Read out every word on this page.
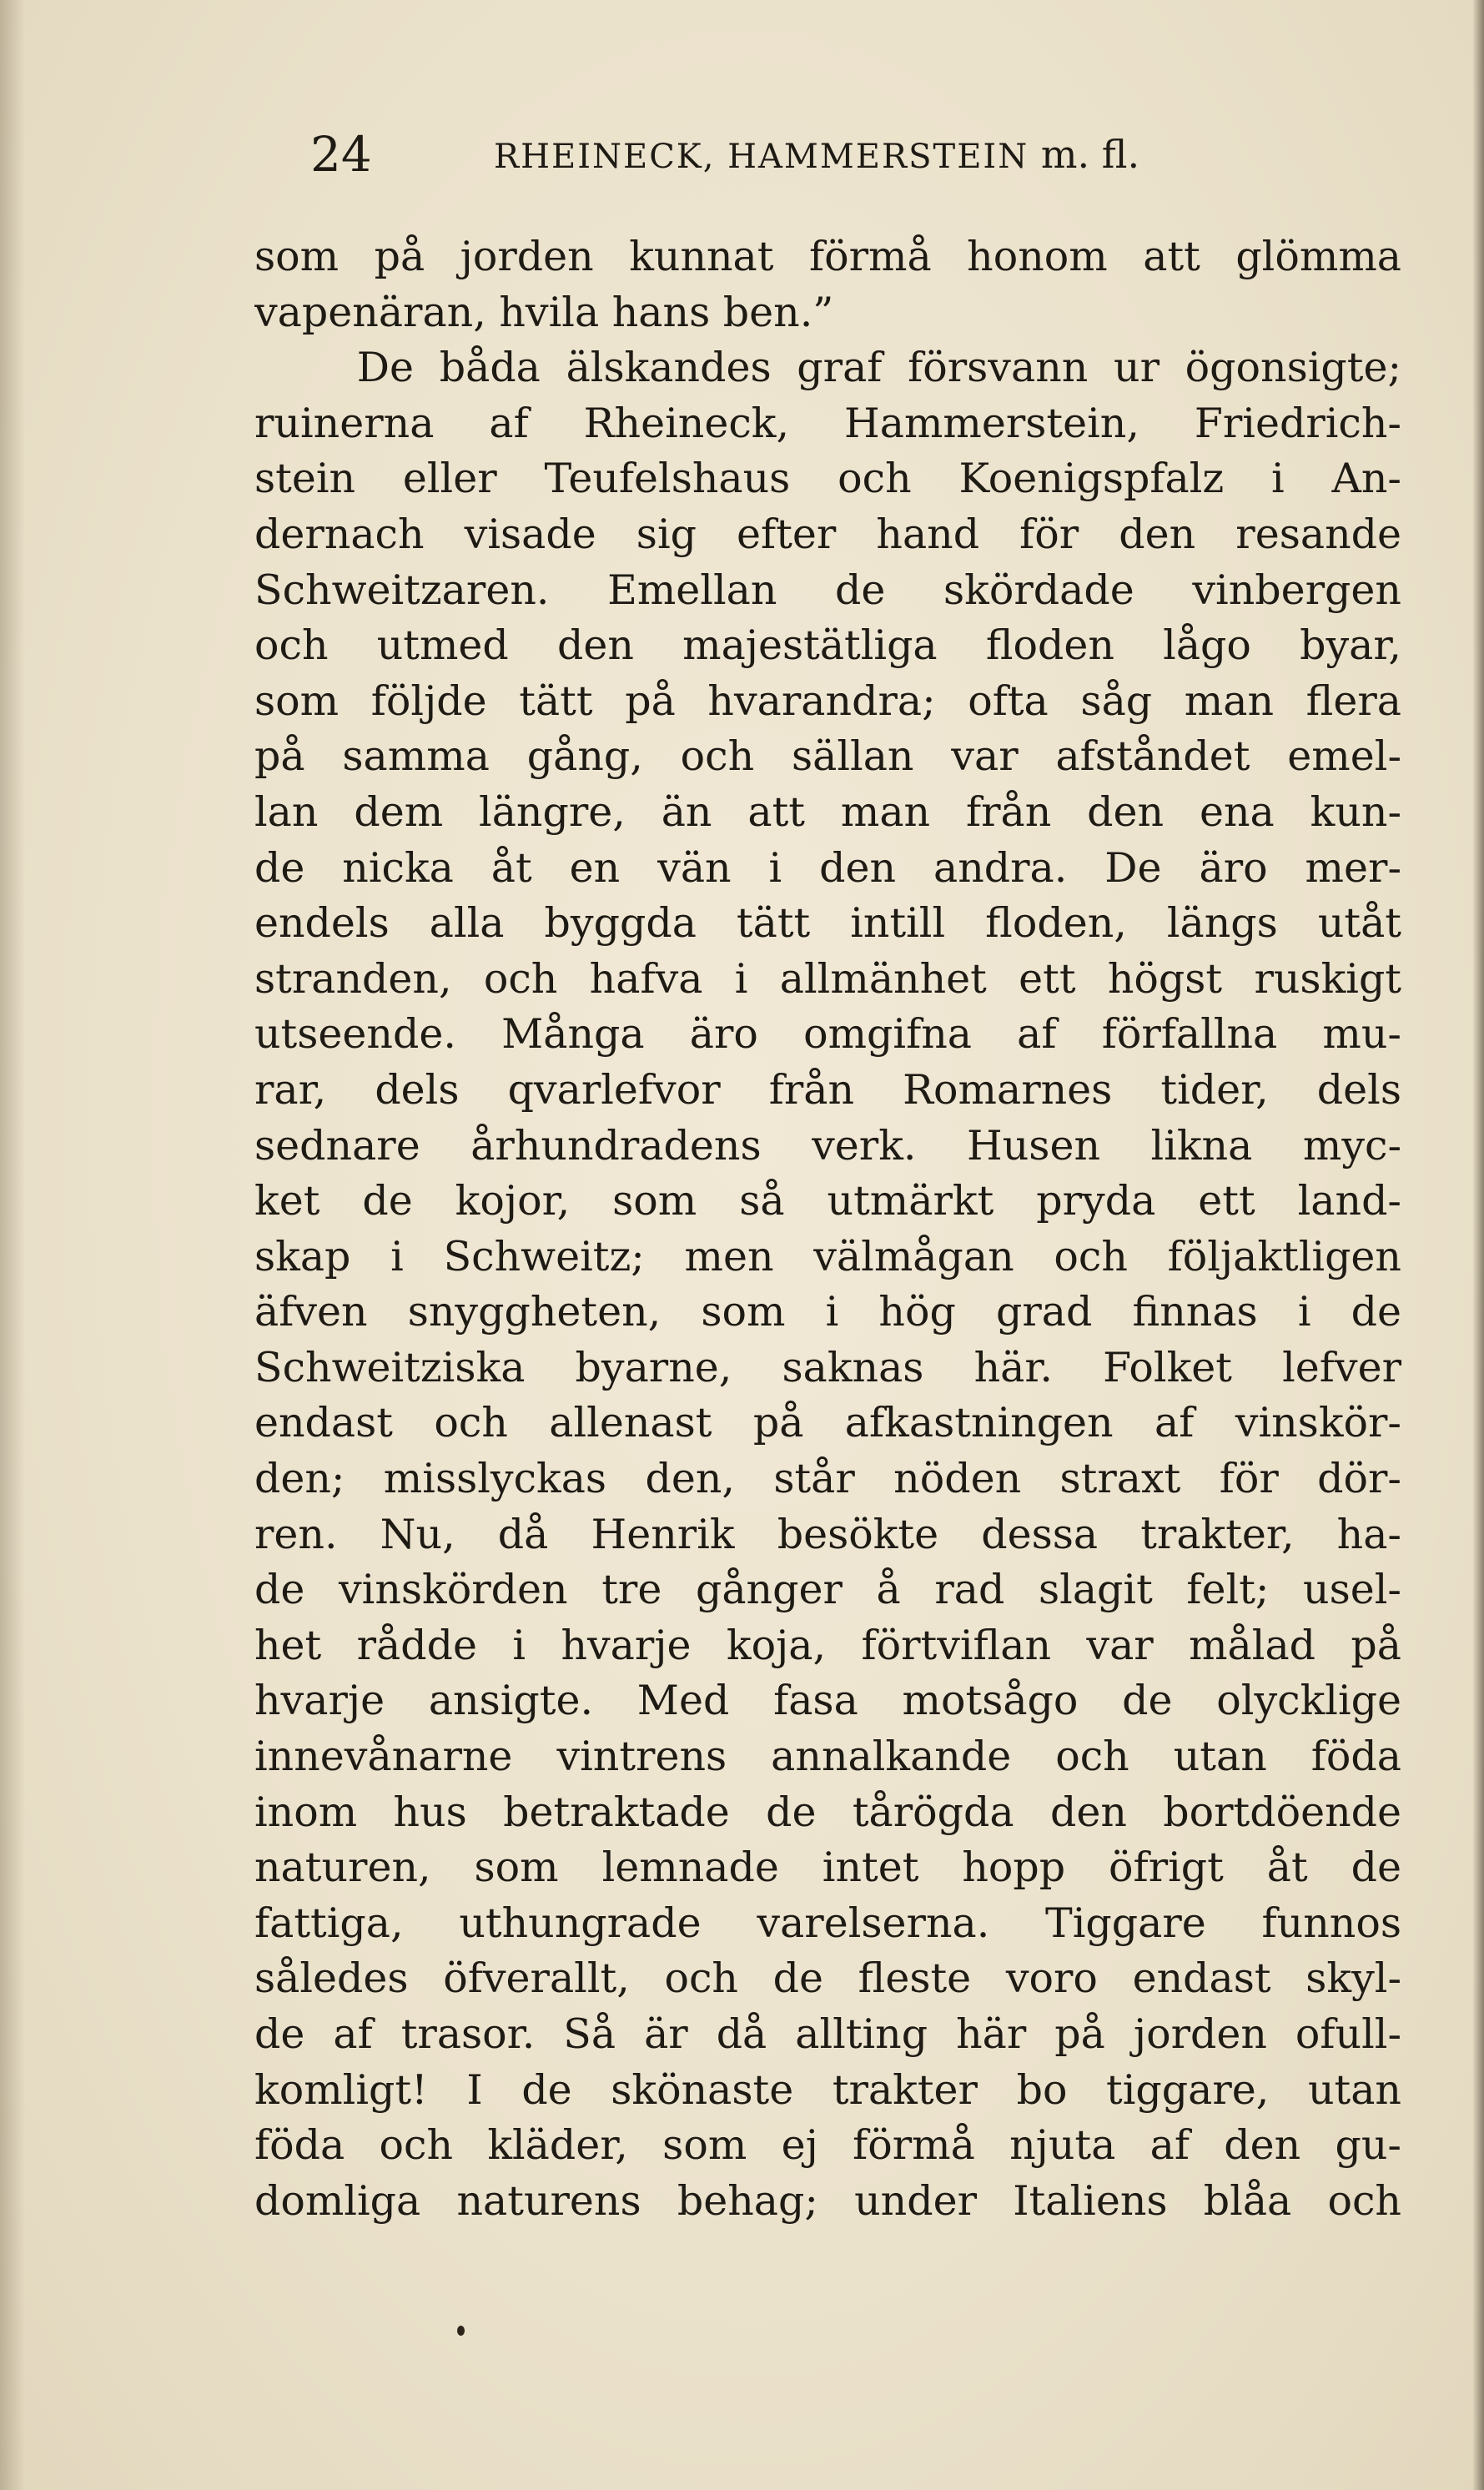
24	RHEINECK, HAMMERSTEIN m. fl.
som på jorden kunnat förmå honom att glömma
vapenäran, hvila hans ben.”
De båda älskandes graf försvann ur ögonsigte;
ruinerna af Rheineck, Hammerstein, Friedrich-
stein eller Teufelshaus och Koenigspfalz i An-
dernach visade sig efter hand för den resande
Schweitzaren. Emellan de skördade vinbergen
och utmed den majestätliga floden lågo byar,
som följde tätt på hvarandra; ofta såg man flera
på samma gång, och sällan var afståndet emel-
lan dem längre, än att man från den ena kun-
de nicka åt en vän i den andra. De äro mer-
endels alla byggda tätt intill floden, längs utåt
stranden, och hafva i allmänhet ett högst ruskigt
utseende. Många äro omgifna af förfallna mu-
rar, dels qvarlefvor från Romarnes tider, dels
sednare århundradens verk. Husen likna myc-
ket de kojor, som så utmärkt pryda ett land-
skap i Schweitz; men välmågan och följaktligen
äfven snyggheten, som i hög grad finnas i de
Schweitziska byarne, saknas här. Folket lefver
endast och allenast på afkastningen af vinskör-
den; misslyckas den, står nöden straxt för dör-
ren. Nu, då Henrik besökte dessa trakter, ha-
de vinskörden tre gånger å rad slagit felt; usel-
het rådde i hvarje koja, förtviflan var målad på
hvarje ansigte. Med fasa motsågo de olycklige
innevånarne vintrens annalkande och utan föda
inom hus betraktade de tårögda den bortdöende
naturen, som lemnade intet hopp öfrigt åt de
fattiga, uthungrade varelserna. Tiggare funnos
således öfverallt, och de fleste voro endast skyl-
de af trasor. Så är då allting här på jorden ofull-
komligt! I de skönaste trakter bo tiggare, utan
föda och kläder, som ej förmå njuta af den gu-
domliga naturens behag; under Italiens blåa och
